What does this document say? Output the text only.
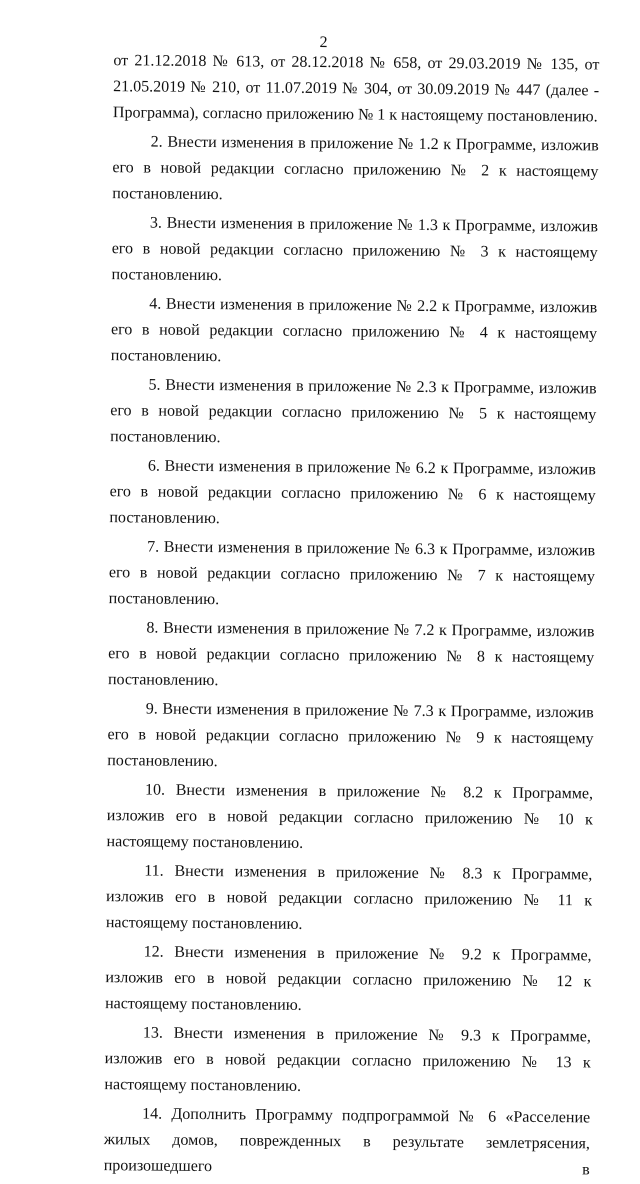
2

от 21.12.2018 № 613, от 28.12.2018 № 658, от 29.03.2019 № 135, от 21.05.2019 № 210, от 11.07.2019 № 304, от 30.09.2019 № 447 (далее - Программа), согласно приложению № 1 к настоящему постановлению.

2. Внести изменения в приложение № 1.2 к Программе, изложив его в новой редакции согласно приложению № 2 к настоящему постановлению.

3. Внести изменения в приложение № 1.3 к Программе, изложив его в новой редакции согласно приложению № 3 к настоящему постановлению.

4. Внести изменения в приложение № 2.2 к Программе, изложив его в новой редакции согласно приложению № 4 к настоящему постановлению.

5. Внести изменения в приложение № 2.3 к Программе, изложив его в новой редакции согласно приложению № 5 к настоящему постановлению.

6. Внести изменения в приложение № 6.2 к Программе, изложив его в новой редакции согласно приложению № 6 к настоящему постановлению.

7. Внести изменения в приложение № 6.3 к Программе, изложив его в новой редакции согласно приложению № 7 к настоящему постановлению.

8. Внести изменения в приложение № 7.2 к Программе, изложив его в новой редакции согласно приложению № 8 к настоящему постановлению.

9. Внести изменения в приложение № 7.3 к Программе, изложив его в новой редакции согласно приложению № 9 к настоящему постановлению.

10. Внести изменения в приложение № 8.2 к Программе, изложив его в новой редакции согласно приложению № 10 к настоящему постановлению.

11. Внести изменения в приложение № 8.3 к Программе, изложив его в новой редакции согласно приложению № 11 к настоящему постановлению.

12. Внести изменения в приложение № 9.2 к Программе, изложив его в новой редакции согласно приложению № 12 к настоящему постановлению.

13. Внести изменения в приложение № 9.3 к Программе, изложив его в новой редакции согласно приложению № 13 к настоящему постановлению.

14. Дополнить Программу подпрограммой № 6 «Расселение жилых домов, поврежденных в результате землетрясения, произошедшего в
